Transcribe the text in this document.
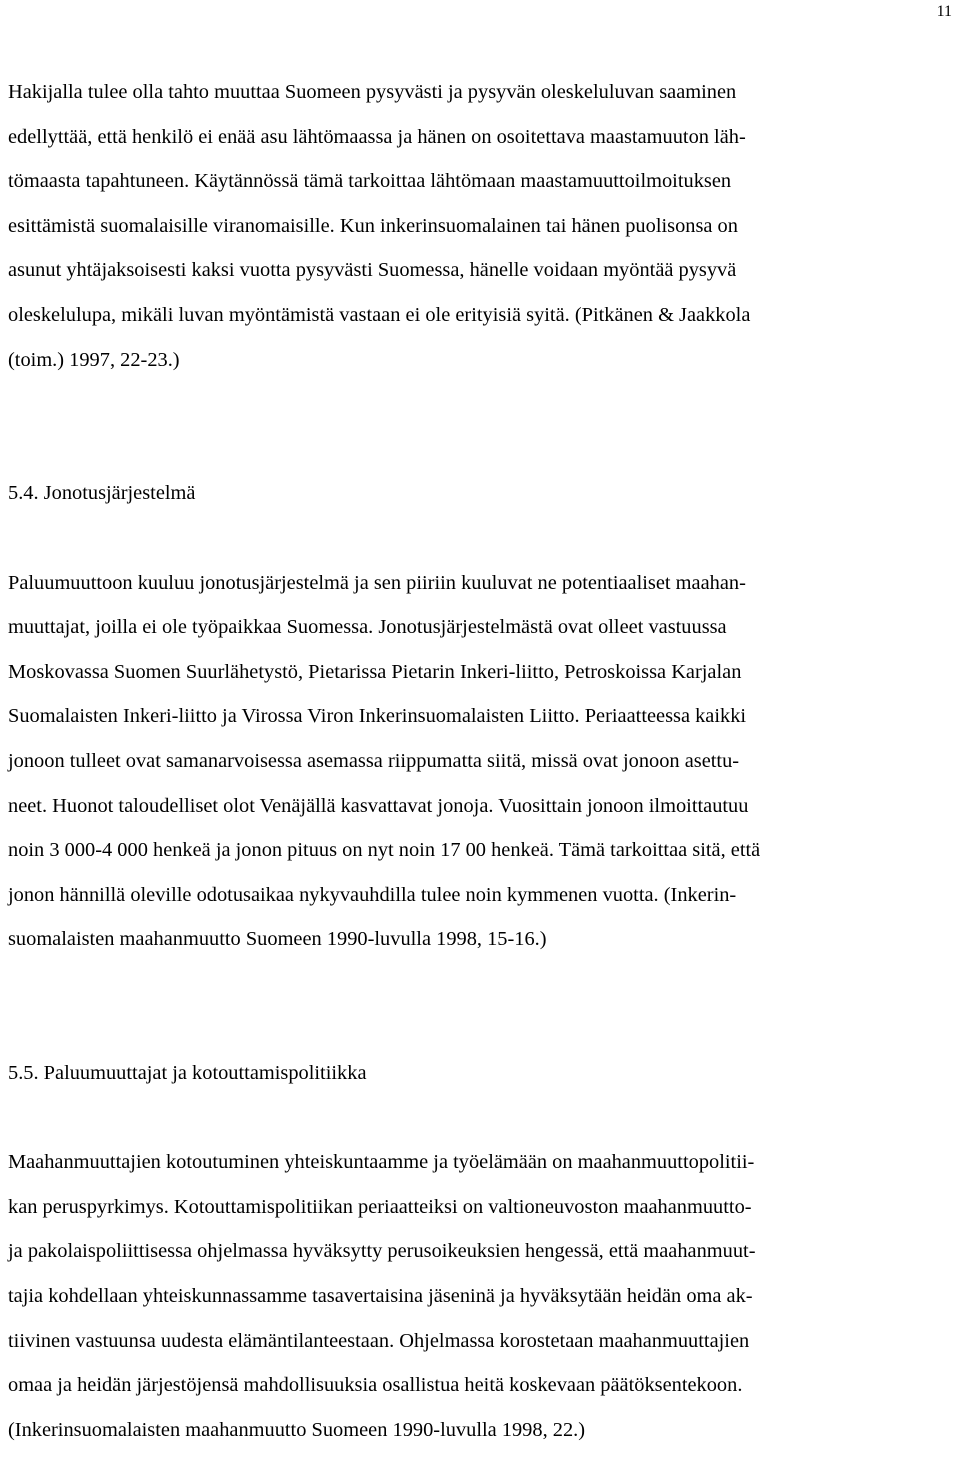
11
Hakijalla tulee olla tahto muuttaa Suomeen pysyvästi ja pysyvän oleskeluluvan saaminen
edellyttää, että henkilö ei enää asu lähtömaassa ja hänen on osoitettava maastamuuton läh-
tömaasta tapahtuneen. Käytännössä tämä tarkoittaa lähtömaan maastamuuttoilmoituksen
esittämistä suomalaisille viranomaisille. Kun inkerinsuomalainen tai hänen puolisonsa on
asunut yhtäjaksoisesti kaksi vuotta pysyvästi Suomessa, hänelle voidaan myöntää pysyvä
oleskelulupa, mikäli luvan myöntämistä vastaan ei ole erityisiä syitä. (Pitkänen & Jaakkola
(toim.) 1997, 22-23.)
5.4. Jonotusjärjestelmä
Paluumuuttoon kuuluu jonotusjärjestelmä ja sen piiriin kuuluvat ne potentiaaliset maahan-
muuttajat, joilla ei ole työpaikkaa Suomessa. Jonotusjärjestelmästä ovat olleet vastuussa
Moskovassa Suomen Suurlähetystö, Pietarissa Pietarin Inkeri-liitto, Petroskoissa Karjalan
Suomalaisten Inkeri-liitto ja Virossa Viron Inkerinsuomalaisten Liitto. Periaatteessa kaikki
jonoon tulleet ovat samanarvoisessa asemassa riippumatta siitä, missä ovat jonoon asettu-
neet. Huonot taloudelliset olot Venäjällä kasvattavat jonoja. Vuosittain jonoon ilmoittautuu
noin 3 000-4 000 henkeä ja jonon pituus on nyt noin 17 00 henkeä. Tämä tarkoittaa sitä, että
jonon hännillä oleville odotusaikaa nykyvauhdilla tulee noin kymmenen vuotta. (Inkerin-
suomalaisten maahanmuutto Suomeen 1990-luvulla 1998, 15-16.)
5.5. Paluumuuttajat ja kotouttamispolitiikka
Maahanmuuttajien kotoutuminen yhteiskuntaamme ja työelämään on maahanmuuttopolitii-
kan peruspyrkimys. Kotouttamispolitiikan periaatteiksi on valtioneuvoston maahanmuutto-
ja pakolaispoliittisessa ohjelmassa hyväksytty perusoikeuksien hengessä, että maahanmuut-
tajia kohdellaan yhteiskunnassamme tasavertaisina jäseninä ja hyväksytään heidän oma ak-
tiivinen vastuunsa uudesta elämäntilanteestaan. Ohjelmassa korostetaan maahanmuuttajien
omaa ja heidän järjestöjensä mahdollisuuksia osallistua heitä koskevaan päätöksentekoon.
(Inkerinsuomalaisten maahanmuutto Suomeen 1990-luvulla 1998, 22.)
